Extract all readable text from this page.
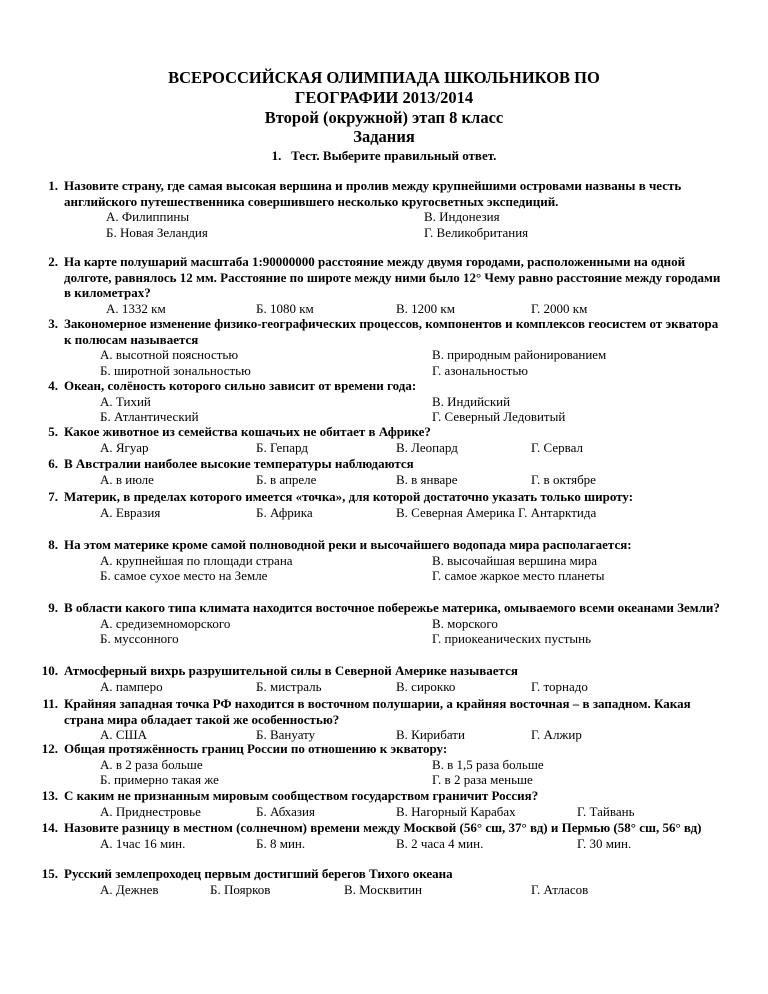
ВСЕРОССИЙСКАЯ ОЛИМПИАДА ШКОЛЬНИКОВ ПО
ГЕОГРАФИИ 2013/2014
Второй (окружной) этап 8 класс
Задания
1. Тест. Выберите правильный ответ.
1. Назовите страну, где самая высокая вершина и пролив между крупнейшими островами названы в честь английского путешественника совершившего несколько кругосветных экспедиций.

А. Филиппины	В. Индонезия
Б. Новая Зеландия	Г. Великобритания
2. На карте полушарий масштаба 1:90000000 расстояние между двумя городами, расположенными на одной долготе, равнялось 12 мм. Расстояние по широте между ними было 12° Чему равно расстояние между городами в километрах?

А. 1332 км	Б. 1080 км	В. 1200 км	Г. 2000 км
3. Закономерное изменение физико-географических процессов, компонентов и комплексов геосистем от экватора к полюсам называется

А. высотной поясностью	В. природным районированием
Б. широтной зональностью	Г. азональностью
4. Океан, солёность которого сильно зависит от времени года:

А. Тихий	В. Индийский
Б. Атлантический	Г. Северный Ледовитый
5. Какое животное из семейства кошачьих не обитает в Африке?

А. Ягуар	Б. Гепард	В. Леопард	Г. Сервал
6. В Австралии наиболее высокие температуры наблюдаются

А. в июле	Б. в апреле	В. в январе	Г. в октябре
7. Материк, в пределах которого имеется «точка», для которой достаточно указать только широту:

А. Евразия	Б. Африка	В. Северная Америка Г. Антарктида
8. На этом материке кроме самой полноводной реки и высочайшего водопада мира располагается:

А. крупнейшая по площади страна	В. высочайшая вершина мира
Б. самое сухое место на Земле	Г. самое жаркое место планеты
9. В области какого типа климата находится восточное побережье материка, омываемого всеми океанами Земли?

А. средиземноморского	В. морского
Б. муссонного	Г. приокеанических пустынь
10. Атмосферный вихрь разрушительной силы в Северной Америке называется

А. памперо	Б. мистраль	В. сирокко	Г. торнадо
11. Крайняя западная точка РФ находится в восточном полушарии, а крайняя восточная – в западном. Какая страна мира обладает такой же особенностью?

А. США	Б. Вануату	В. Кирибати	Г. Алжир
12. Общая протяжённость границ России по отношению к экватору:

А. в 2 раза больше	В. в 1,5 раза больше
Б. примерно такая же	Г. в 2 раза меньше
13. С каким не признанным мировым сообществом государством граничит Россия?

А. Приднестровье	Б. Абхазия	В. Нагорный Карабах	Г. Тайвань
14. Назовите разницу в местном (солнечном) времени между Москвой (56° сш, 37° вд) и Пермью (58° сш, 56° вд)

А. 1час 16 мин.	Б. 8 мин.	В. 2 часа 4 мин.	Г. 30 мин.
15. Русский землепроходец первым достигший берегов Тихого океана

А. Дежнев	Б. Поярков	В. Москвитин	Г. Атласов
